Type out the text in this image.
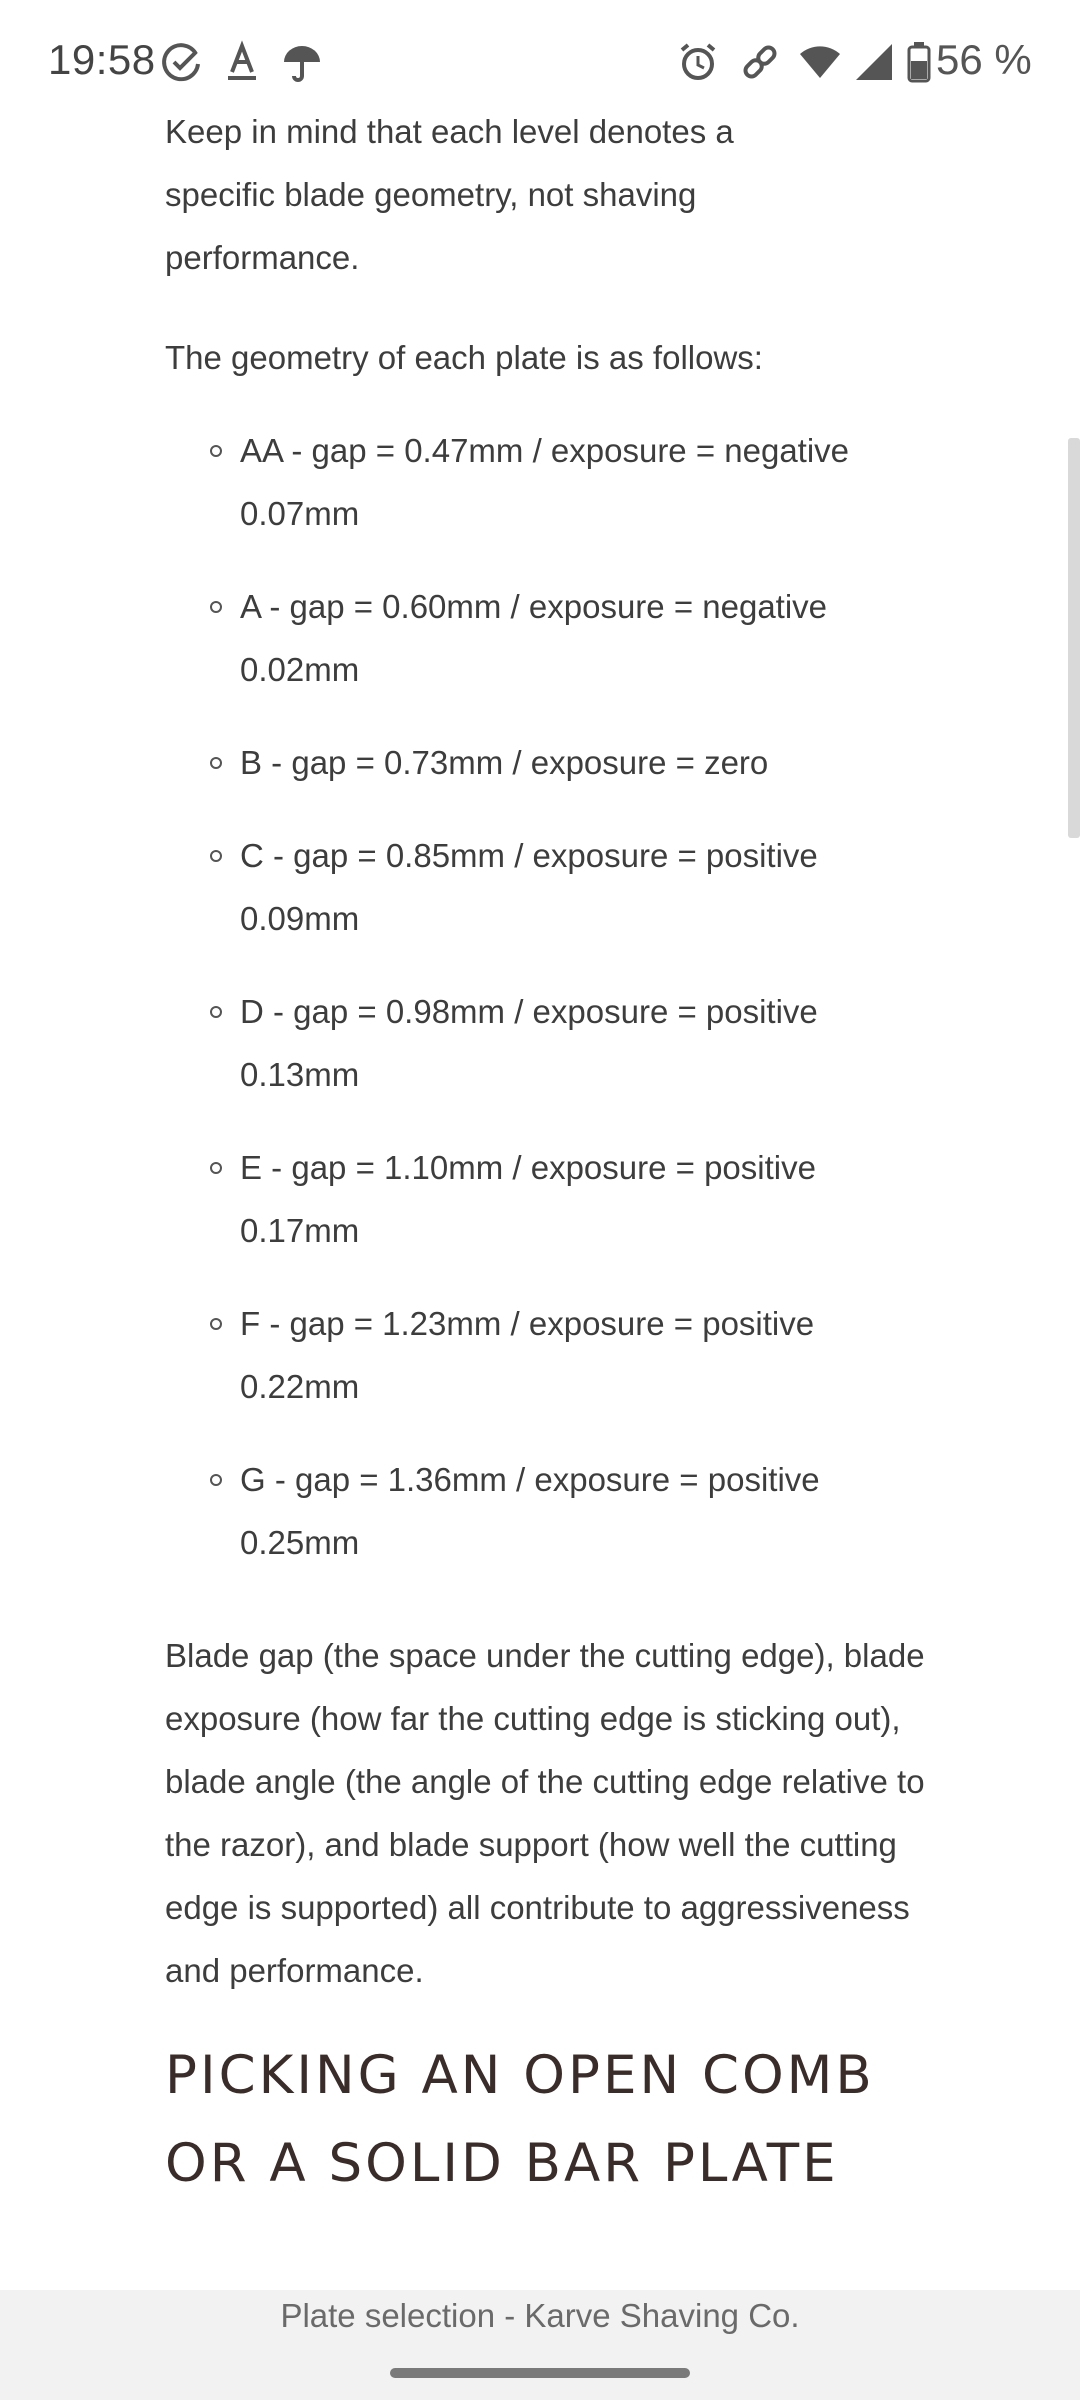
19:58	56 %

Keep in mind that each level denotes a specific blade geometry, not shaving performance.

The geometry of each plate is as follows:

AA - gap = 0.47mm / exposure = negative 0.07mm
A - gap = 0.60mm / exposure = negative 0.02mm
B - gap = 0.73mm / exposure = zero
C - gap = 0.85mm / exposure = positive 0.09mm
D - gap = 0.98mm / exposure = positive 0.13mm
E - gap = 1.10mm / exposure = positive 0.17mm
F - gap = 1.23mm / exposure = positive 0.22mm
G - gap = 1.36mm / exposure = positive 0.25mm

Blade gap (the space under the cutting edge), blade exposure (how far the cutting edge is sticking out), blade angle (the angle of the cutting edge relative to the razor), and blade support (how well the cutting edge is supported) all contribute to aggressiveness and performance.

PICKING AN OPEN COMB OR A SOLID BAR PLATE
Plate selection - Karve Shaving Co.
